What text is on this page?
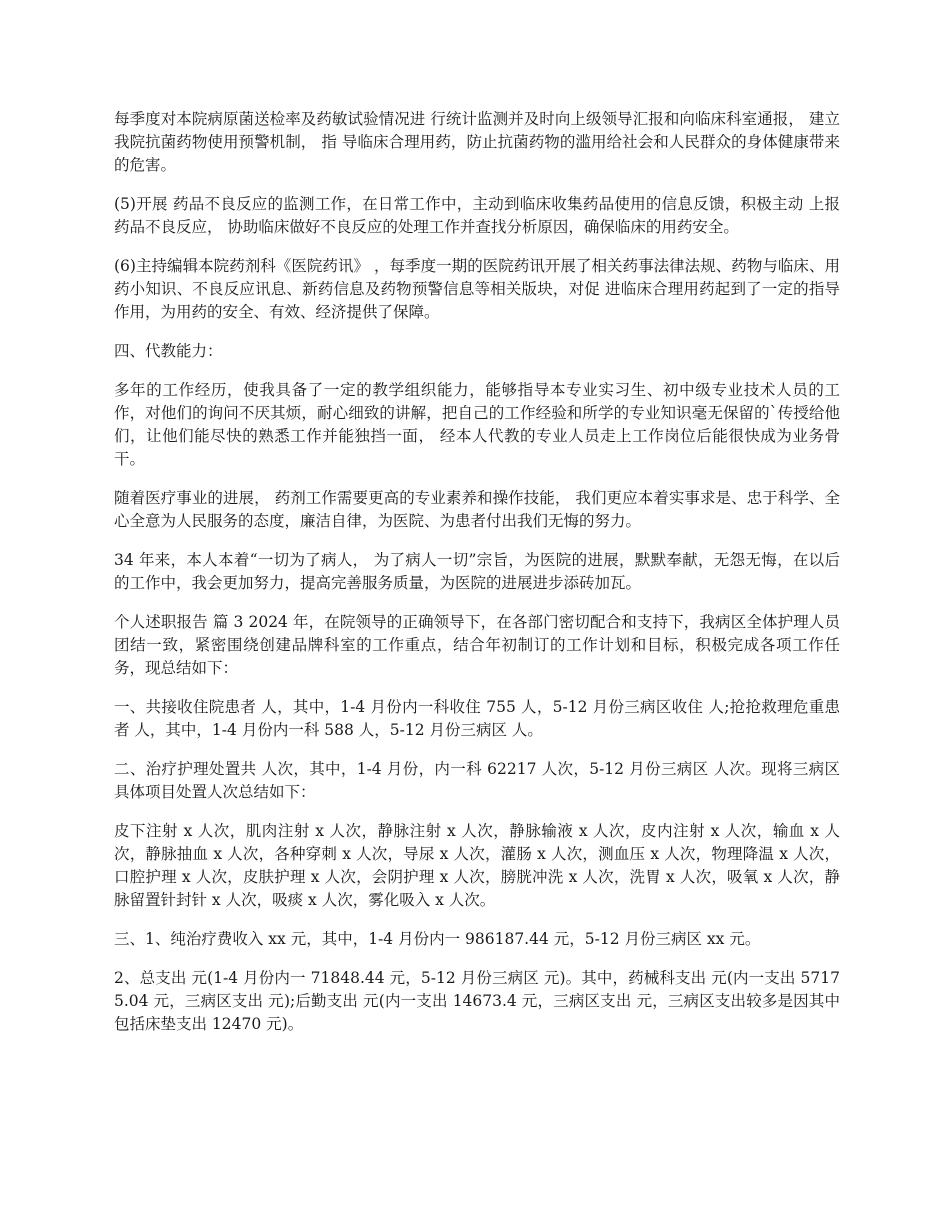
每季度对本院病原菌送检率及药敏试验情况进 行统计监测并及时向上级领导汇报和向临床科室通报， 建立我院抗菌药物使用预警机制， 指 导临床合理用药，防止抗菌药物的滥用给社会和人民群众的身体健康带来的危害。

(5)开展 药品不良反应的监测工作，在日常工作中，主动到临床收集药品使用的信息反馈，积极主动 上报药品不良反应， 协助临床做好不良反应的处理工作并查找分析原因，确保临床的用药安全。

(6)主持编辑本院药剂科《医院药讯》 ，每季度一期的医院药讯开展了相关药事法律法规、药物与临床、用药小知识、不良反应讯息、新药信息及药物预警信息等相关版块，对促 进临床合理用药起到了一定的指导作用，为用药的安全、有效、经济提供了保障。

四、代教能力：

多年的工作经历，使我具备了一定的教学组织能力，能够指导本专业实习生、初中级专业技术人员的工作，对他们的询问不厌其烦，耐心细致的讲解，把自己的工作经验和所学的专业知识毫无保留的`传授给他们，让他们能尽快的熟悉工作并能独挡一面， 经本人代教的专业人员走上工作岗位后能很快成为业务骨干。

随着医疗事业的进展， 药剂工作需要更高的专业素养和操作技能， 我们更应本着实事求是、忠于科学、全心全意为人民服务的态度，廉洁自律，为医院、为患者付出我们无悔的努力。

34 年来，本人本着“一切为了病人， 为了病人一切”宗旨，为医院的进展，默默奉献，无怨无悔，在以后的工作中，我会更加努力，提高完善服务质量，为医院的进展进步添砖加瓦。

个人述职报告 篇 3 2024 年，在院领导的正确领导下，在各部门密切配合和支持下，我病区全体护理人员团结一致，紧密围绕创建品牌科室的工作重点，结合年初制订的工作计划和目标，积极完成各项工作任务，现总结如下：

一、共接收住院患者 人，其中，1-4 月份内一科收住 755 人，5-12 月份三病区收住 人;抢抢救理危重患者 人，其中，1-4 月份内一科 588 人，5-12 月份三病区 人。

二、治疗护理处置共 人次，其中，1-4 月份，内一科 62217 人次，5-12 月份三病区 人次。现将三病区具体项目处置人次总结如下：

皮下注射 x 人次，肌肉注射 x 人次，静脉注射 x 人次，静脉输液 x 人次，皮内注射 x 人次，输血 x 人次，静脉抽血 x 人次，各种穿刺 x 人次，导尿 x 人次，灌肠 x 人次，测血压 x 人次，物理降温 x 人次，口腔护理 x 人次，皮肤护理 x 人次，会阴护理 x 人次，膀胱冲洗 x 人次，洗胃 x 人次，吸氧 x 人次，静脉留置针封针 x 人次，吸痰 x 人次，雾化吸入 x 人次。

三、1、纯治疗费收入 xx 元，其中，1-4 月份内一 986187.44 元，5-12 月份三病区 xx 元。

2、总支出 元(1-4 月份内一 71848.44 元，5-12 月份三病区 元)。其中，药械科支出 元(内一支出 57175.04 元，三病区支出 元);后勤支出 元(内一支出 14673.4 元，三病区支出 元，三病区支出较多是因其中包括床垫支出 12470 元)。
